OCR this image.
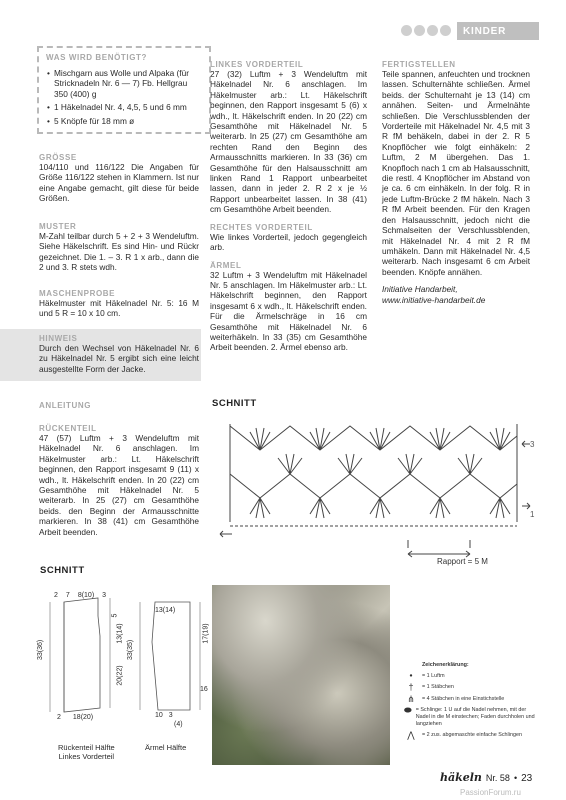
KINDER

WAS WIRD BENÖTIGT?

• Mischgarn aus Wolle und Alpaka (für Stricknadeln Nr. 6 — 7) Fb. Hellgrau 350 (400) g
• 1 Häkelnadel Nr. 4, 4,5, 5 und 6 mm
• 5 Knöpfe für 18 mm ø

GRÖSSE

104/110 und 116/122 Die Angaben für Größe 116/122 stehen in Klammern. Ist nur eine Angabe gemacht, gilt diese für beide Größen.

MUSTER

M-Zahl teilbar durch 5 + 2 + 3 Wendeluftm. Siehe Häkelschrift. Es sind Hin- und Rückr gezeichnet. Die 1. – 3. R 1 x arb., dann die 2 und 3. R stets wdh.

MASCHENPROBE

Häkelmuster mit Häkelnadel Nr. 5: 16 M und 5 R = 10 x 10 cm.

HINWEIS

Durch den Wechsel von Häkelnadel Nr. 6 zu Häkelnadel Nr. 5 ergibt sich eine leicht ausgestellte Form der Jacke.

ANLEITUNG

RÜCKENTEIL

47 (57) Luftm + 3 Wendeluftm mit Häkelnadel Nr. 6 anschlagen. Im Häkelmuster arb.: Lt. Häkelschrift beginnen, den Rapport insgesamt 9 (11) x wdh., lt. Häkelschrift enden. In 20 (22) cm Gesamthöhe mit Häkelnadel Nr. 5 weiterarb. In 25 (27) cm Gesamthöhe beids. den Beginn der Armausschnitte markieren. In 38 (41) cm Gesamthöhe Arbeit beenden.

LINKES VORDERTEIL

27 (32) Luftm + 3 Wendeluftm mit Häkelnadel Nr. 6 anschlagen. Im Häkelmuster arb.: Lt. Häkelschrift beginnen, den Rapport insgesamt 5 (6) x wdh., lt. Häkelschrift enden. In 20 (22) cm Gesamthöhe mit Häkelnadel Nr. 5 weiterarb. In 25 (27) cm Gesamthöhe am rechten Rand den Beginn des Armausschnitts markieren. In 33 (36) cm Gesamthöhe für den Halsausschnitt am linken Rand 1 Rapport unbearbeitet lassen, dann in jeder 2. R 2 x je ½ Rapport unbearbeitet lassen. In 38 (41) cm Gesamthöhe Arbeit beenden.

RECHTES VORDERTEIL

Wie linkes Vorderteil, jedoch gegengleich arb.

ÄRMEL

32 Luftm + 3 Wendeluftm mit Häkelnadel Nr. 5 anschlagen. Im Häkelmuster arb.: Lt. Häkelschrift beginnen, den Rapport insgesamt 6 x wdh., lt. Häkelschrift enden. Für die Ärmelschräge in 16 cm Gesamthöhe mit Häkelnadel Nr. 6 weiterhäkeln. In 33 (35) cm Gesamthöhe Arbeit beenden. 2. Ärmel ebenso arb.

FERTIGSTELLEN

Teile spannen, anfeuchten und trocknen lassen. Schulternähte schließen. Ärmel beids. der Schulternaht je 13 (14) cm annähen. Seiten- und Ärmelnähte schließen. Die Verschlussblenden der Vorderteile mit Häkelnadel Nr. 4,5 mit 3 R fM behäkeln, dabei in der 2. R 5 Knopflöcher wie folgt einhäkeln: 2 Luftm, 2 M übergehen. Das 1. Knopfloch nach 1 cm ab Halsausschnitt, die restl. 4 Knopflöcher im Abstand von je ca. 6 cm einhäkeln. In der folg. R in jede Luftm-Brücke 2 fM häkeln. Nach 3 R fM Arbeit beenden. Für den Kragen den Halsausschnitt, jedoch nicht die Schmalseiten der Verschlussblenden, mit Häkelnadel Nr. 4 mit 2 R fM umhäkeln. Dann mit Häkelnadel Nr. 4,5 weiterarb. Nach insgesamt 6 cm Arbeit beenden. Knöpfe annähen.

Initiative Handarbeit,

www.initiative-handarbeit.de

SCHNITT
3
1
Rapport = 5 M
SCHNITT
2 7 8(10) 3
33(36)
5
13(14)
20(22)
2 18(20)
Rückenteil Hälfte
Linkes Vorderteil
13(14)
33(35)
17(19)
16
10 3
(4)
Ärmel Hälfte
Zeichenerklärung:
●	= 1 Luftm
†	= 1 Stäbchen
⋔	= 4 Stäbchen in eine Einstichstelle
⬬ = Schlinge: 1 U auf die Nadel nehmen, mit der Nadel in die M einstechen; Faden durchholen und langziehen
⋀	= 2 zus. abgemaschte einfache Schlingen
häkeln Nr. 58 • 23
PassionForum.ru
